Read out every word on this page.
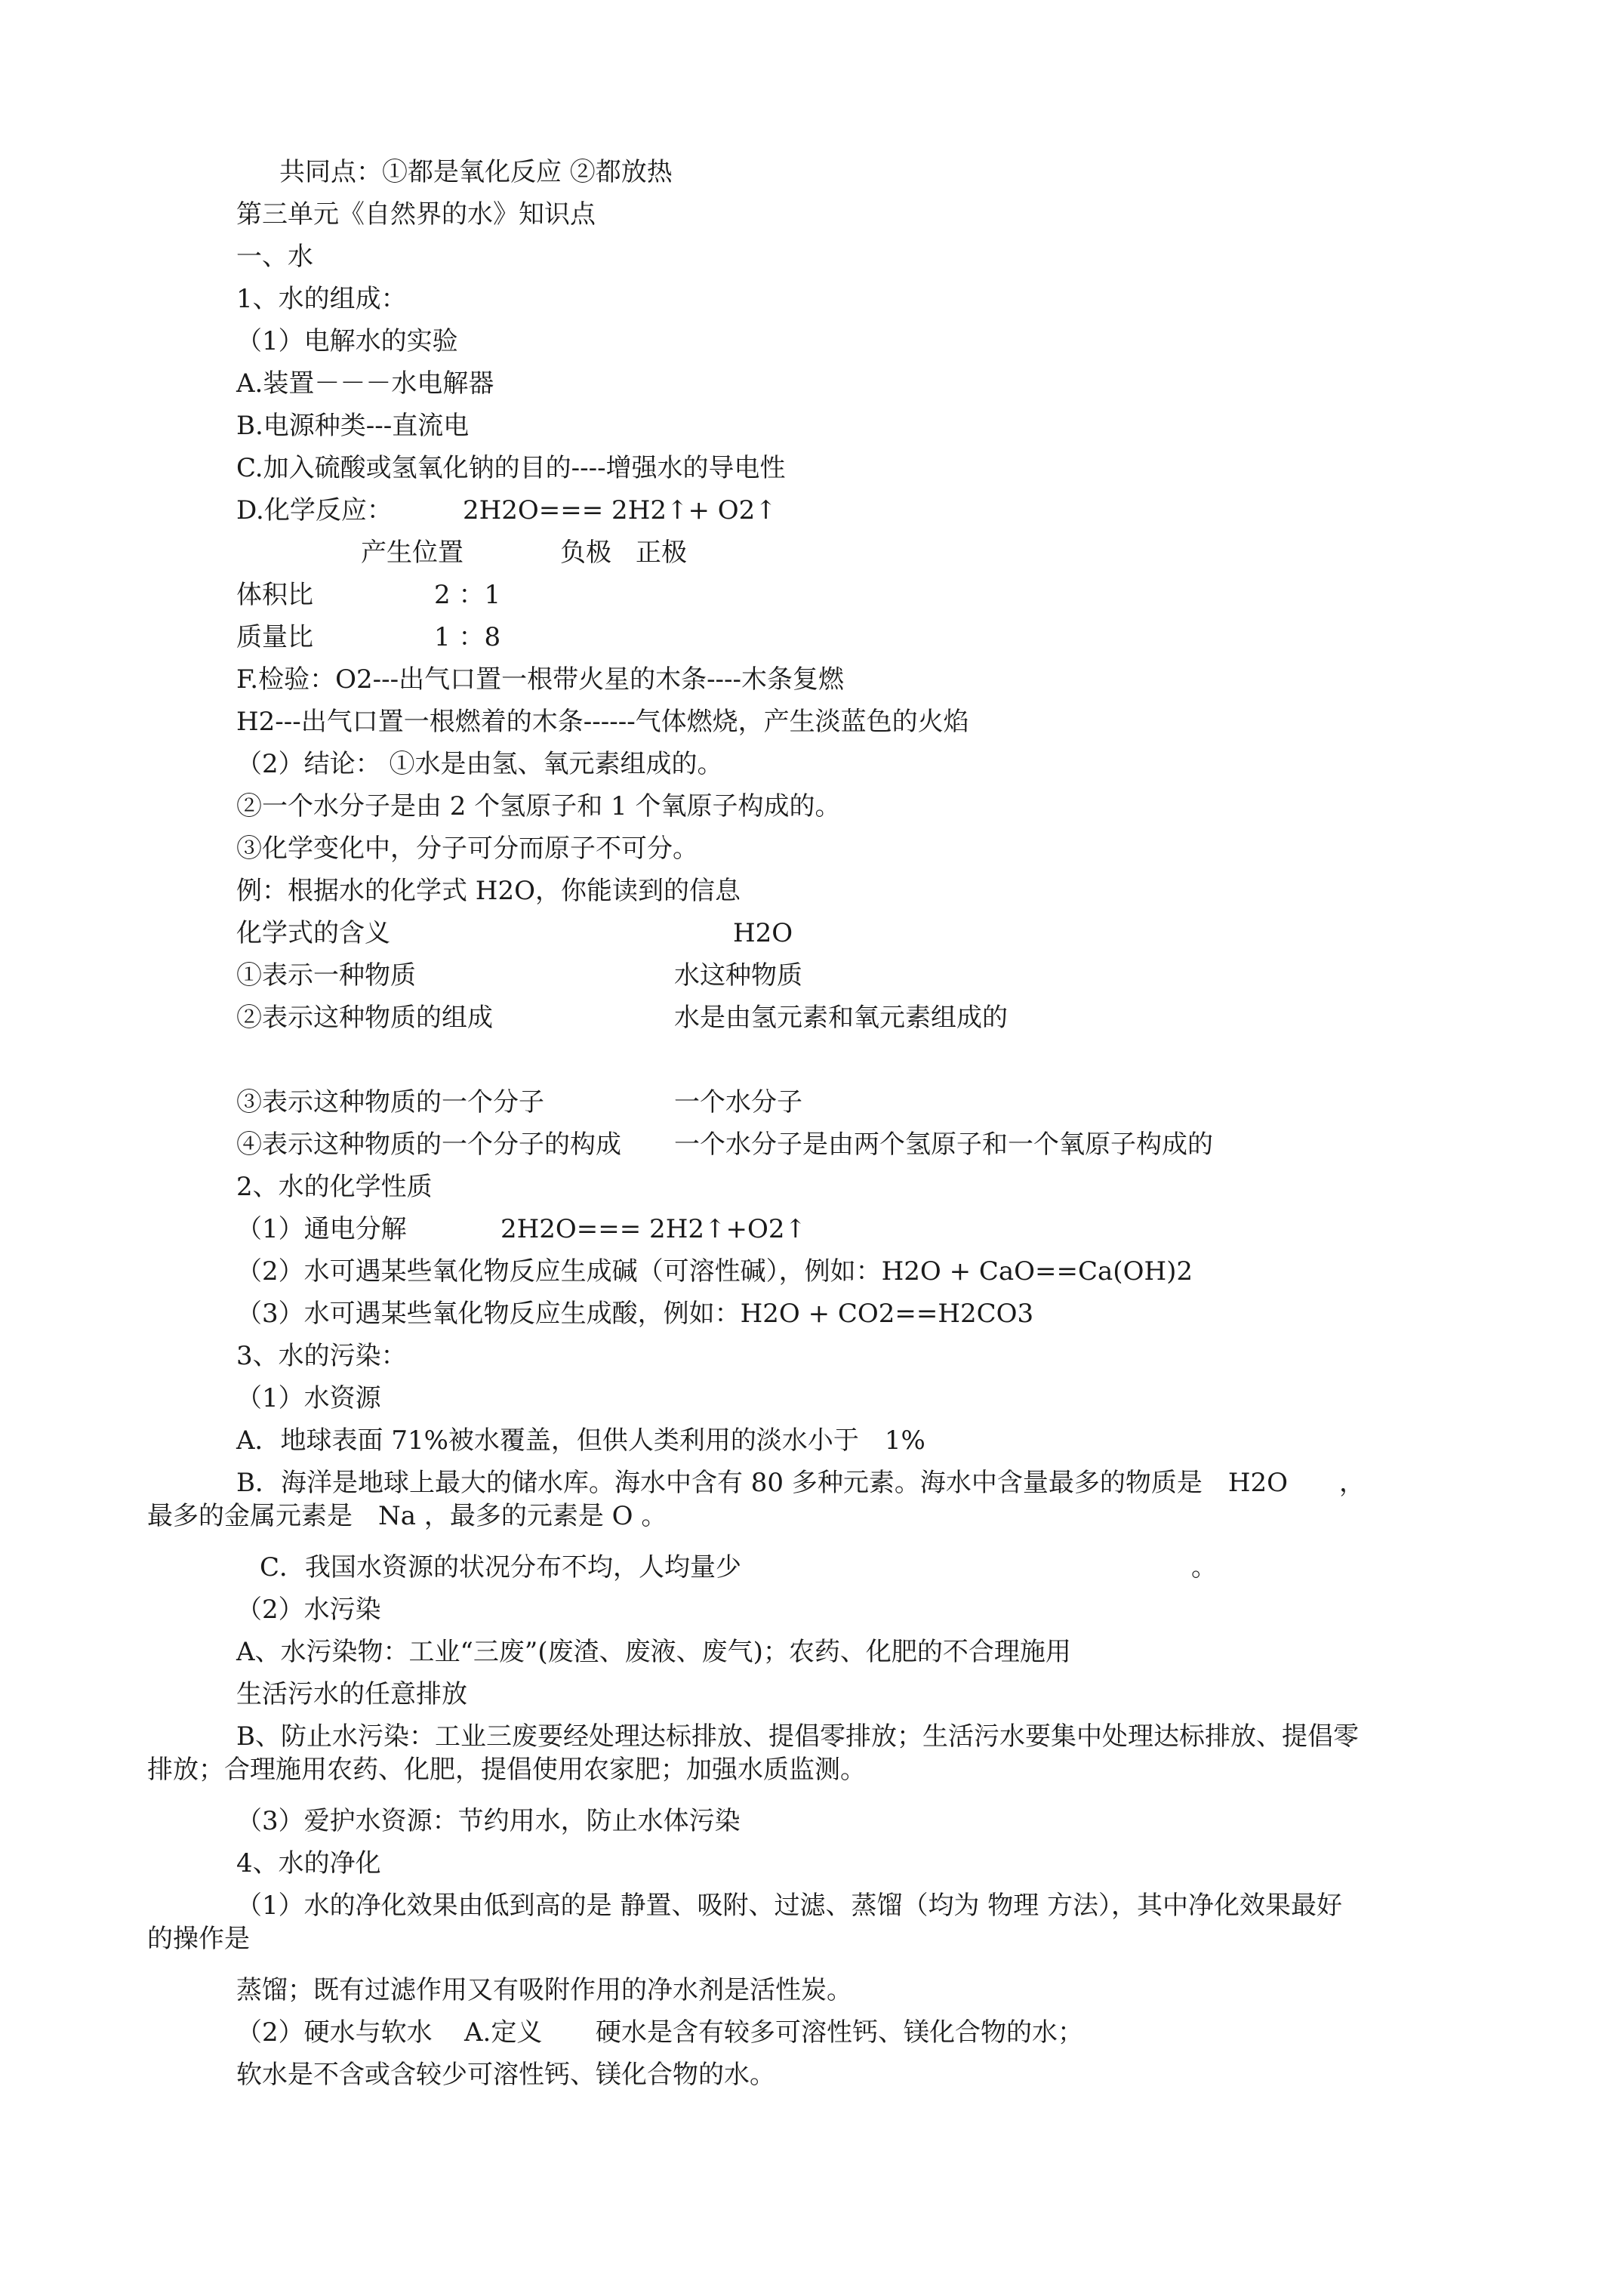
共同点：①都是氧化反应 ②都放热

第三单元《自然界的水》知识点

一、水

1、水的组成：

（1）电解水的实验

A.装置－－－水电解器

B.电源种类---直流电

C.加入硫酸或氢氧化钠的目的----增强水的导电性

D.化学反应：	2H2O=== 2H2↑+ O2↑
产生位置	负极 正极
体积比	2 ：1
质量比	1 ：8

F.检验：O2---出气口置一根带火星的木条----木条复燃

H2---出气口置一根燃着的木条------气体燃烧，产生淡蓝色的火焰

（2）结论： ①水是由氢、氧元素组成的。

②一个水分子是由 2 个氢原子和 1 个氧原子构成的。

③化学变化中，分子可分而原子不可分。

例：根据水的化学式 H2O，你能读到的信息

化学式的含义	H2O
①表示一种物质	水这种物质
②表示这种物质的组成	水是由氢元素和氧元素组成的
③表示这种物质的一个分子	一个水分子
④表示这种物质的一个分子的构成 一个水分子是由两个氢原子和一个氧原子构成的

2、水的化学性质

（1）通电分解	2H2O=== 2H2↑+O2↑

（2）水可遇某些氧化物反应生成碱（可溶性碱），例如：H2O + CaO==Ca(OH)2

（3）水可遇某些氧化物反应生成酸，例如：H2O + CO2==H2CO3

3、水的污染：

（1）水资源

A．地球表面 71%被水覆盖，但供人类利用的淡水小于　1%

B．海洋是地球上最大的储水库。海水中含有 80 多种元素。海水中含量最多的物质是　H2O　　，
最多的金属元素是　Na ，最多的元素是 O 。
C．我国水资源的状况分布不均，人均量少	。

（2）水污染

A、水污染物：工业“三废”(废渣、废液、废气)；农药、化肥的不合理施用

生活污水的任意排放

B、防止水污染：工业三废要经处理达标排放、提倡零排放；生活污水要集中处理达标排放、提倡零
排放；合理施用农药、化肥，提倡使用农家肥；加强水质监测。

（3）爱护水资源：节约用水，防止水体污染

4、水的净化

（1）水的净化效果由低到高的是 静置、吸附、过滤、蒸馏（均为 物理 方法），其中净化效果最好
的操作是

蒸馏；既有过滤作用又有吸附作用的净水剂是活性炭。

（2）硬水与软水 A.定义 硬水是含有较多可溶性钙、镁化合物的水；

软水是不含或含较少可溶性钙、镁化合物的水。
